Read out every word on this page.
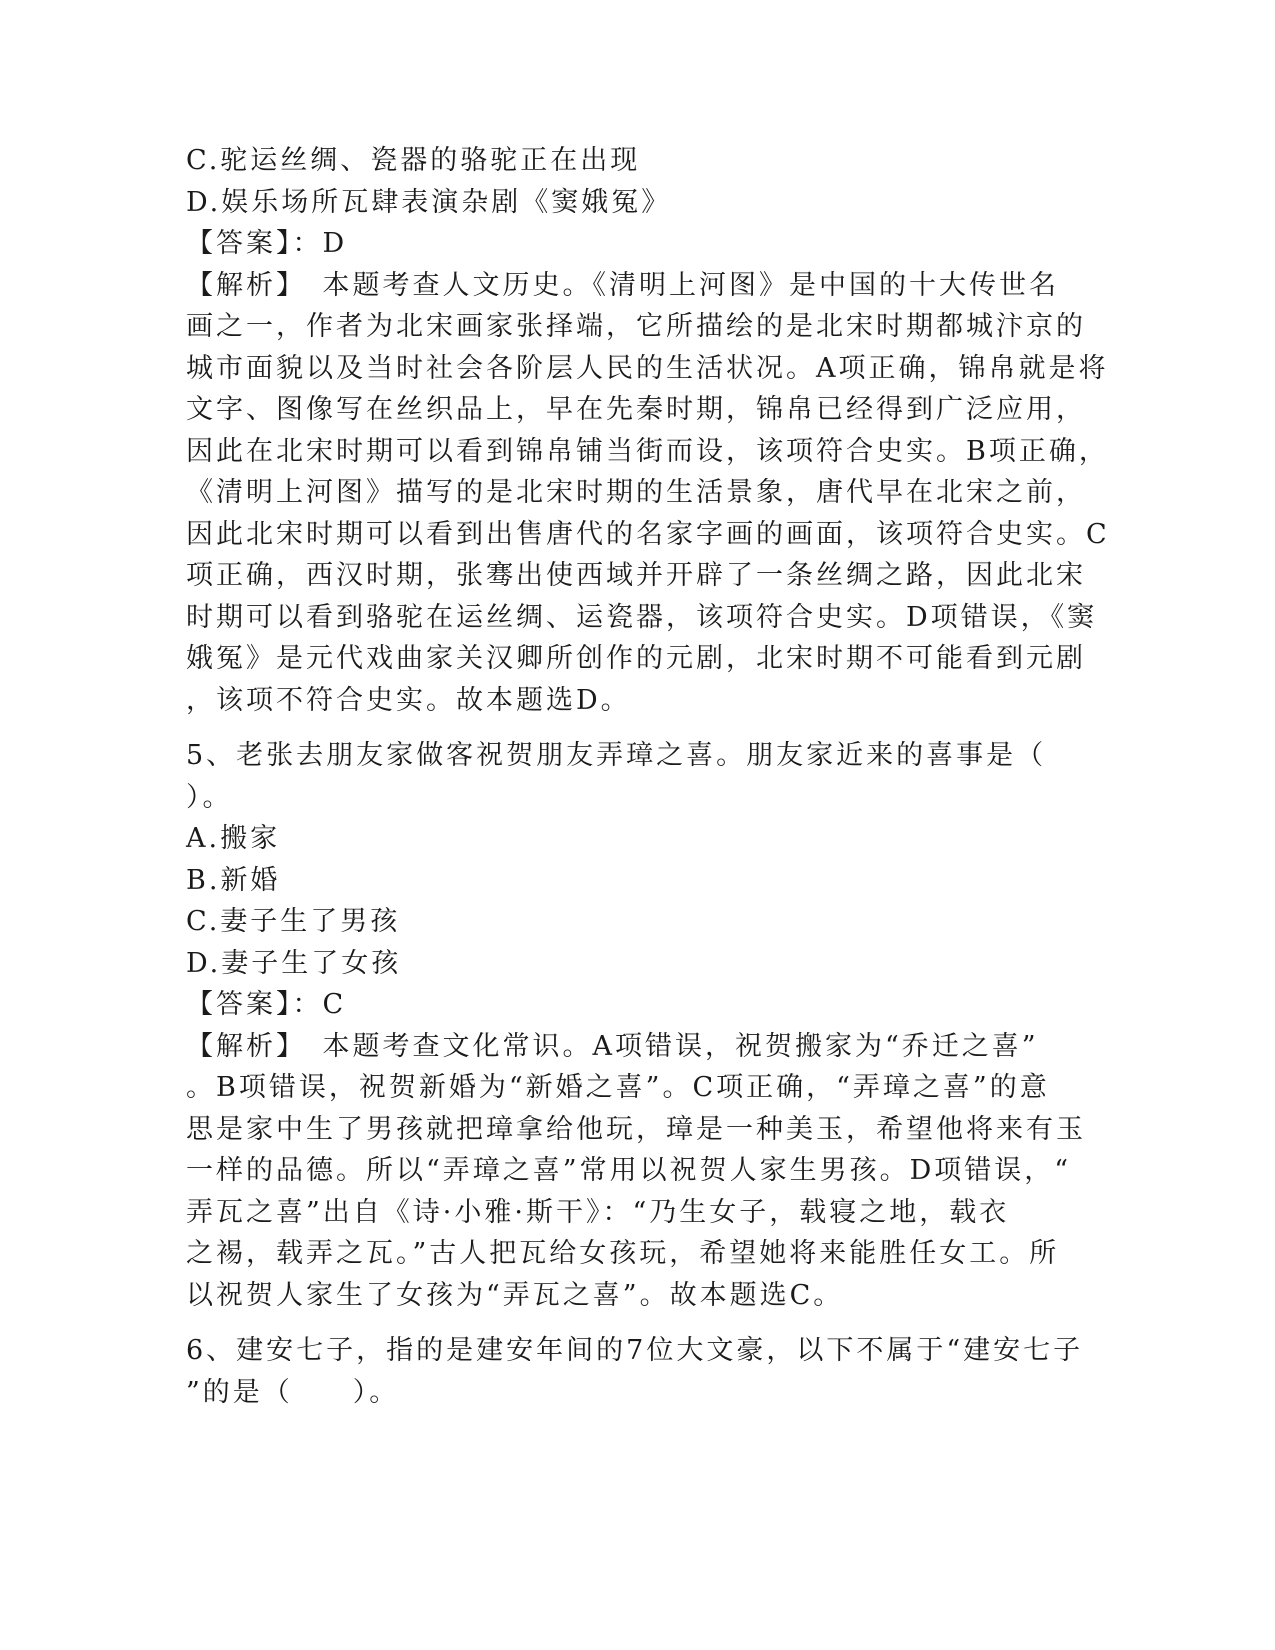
C.驼运丝绸、瓷器的骆驼正在出现
D.娱乐场所瓦肆表演杂剧《窦娥冤》
【答案】：D
【解析】　本题考查人文历史。《清明上河图》是中国的十大传世名
画之一，作者为北宋画家张择端，它所描绘的是北宋时期都城汴京的
城市面貌以及当时社会各阶层人民的生活状况。A项正确，锦帛就是将
文字、图像写在丝织品上，早在先秦时期，锦帛已经得到广泛应用，
因此在北宋时期可以看到锦帛铺当街而设，该项符合史实。B项正确，
《清明上河图》描写的是北宋时期的生活景象，唐代早在北宋之前，
因此北宋时期可以看到出售唐代的名家字画的画面，该项符合史实。C
项正确，西汉时期，张骞出使西域并开辟了一条丝绸之路，因此北宋
时期可以看到骆驼在运丝绸、运瓷器，该项符合史实。D项错误，《窦
娥冤》是元代戏曲家关汉卿所创作的元剧，北宋时期不可能看到元剧
，该项不符合史实。故本题选D。
5、老张去朋友家做客祝贺朋友弄璋之喜。朋友家近来的喜事是（
）。
A.搬家
B.新婚
C.妻子生了男孩
D.妻子生了女孩
【答案】：C
【解析】　本题考查文化常识。A项错误，祝贺搬家为“乔迁之喜”
。B项错误，祝贺新婚为“新婚之喜”。C项正确，“弄璋之喜”的意
思是家中生了男孩就把璋拿给他玩，璋是一种美玉，希望他将来有玉
一样的品德。所以“弄璋之喜”常用以祝贺人家生男孩。D项错误，“
弄瓦之喜”出自《诗·小雅·斯干》：“乃生女子，载寝之地，载衣
之裼，载弄之瓦。”古人把瓦给女孩玩，希望她将来能胜任女工。所
以祝贺人家生了女孩为“弄瓦之喜”。故本题选C。
6、建安七子，指的是建安年间的7位大文豪，以下不属于“建安七子
”的是（　　）。
